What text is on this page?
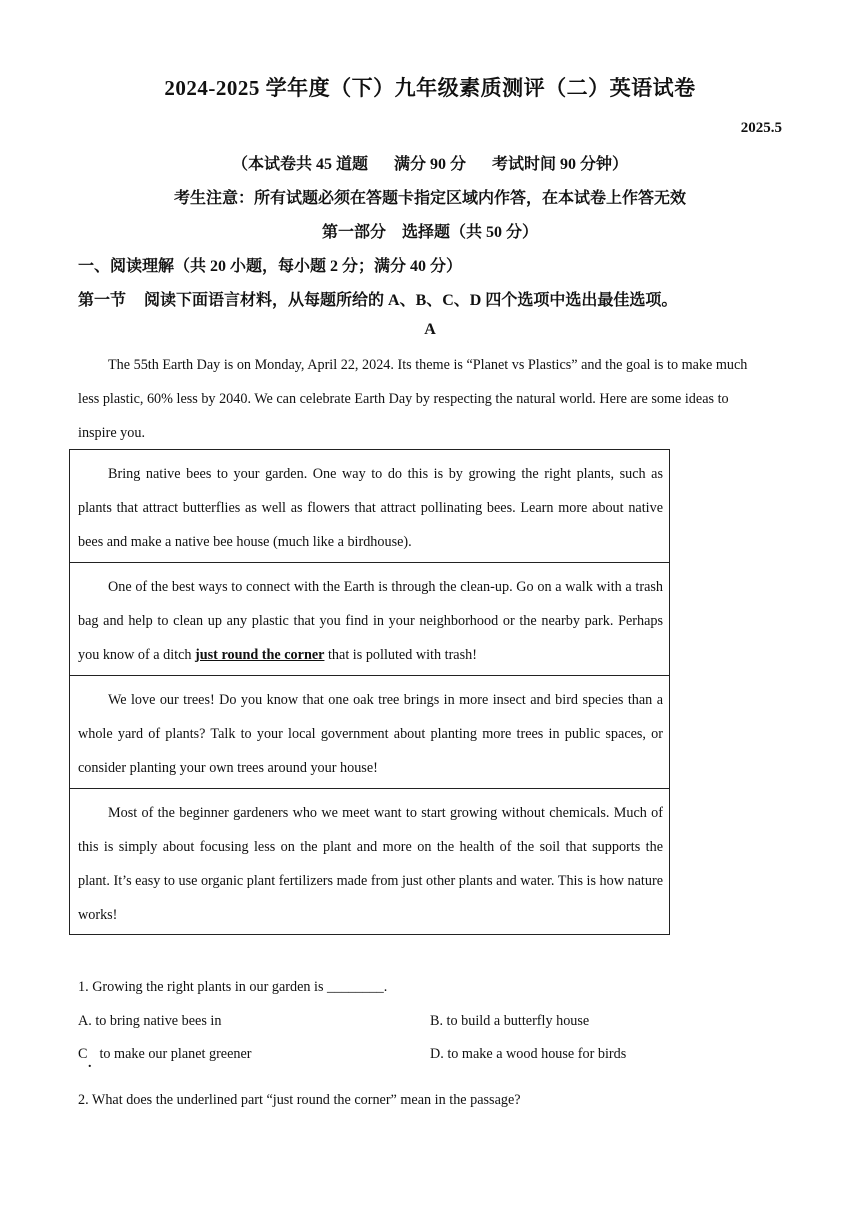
2024-2025 学年度（下）九年级素质测评（二）英语试卷
2025.5
（本试卷共 45 道题 满分 90 分 考试时间 90 分钟）
考生注意：所有试题必须在答题卡指定区域内作答，在本试卷上作答无效
第一部分　选择题（共 50 分）
一、阅读理解（共 20 小题，每小题 2 分；满分 40 分）
第一节 阅读下面语言材料，从每题所给的 A、B、C、D 四个选项中选出最佳选项。
A
The 55th Earth Day is on Monday, April 22, 2024. Its theme is “Planet vs Plastics” and the goal is to make much less plastic, 60% less by 2040. We can celebrate Earth Day by respecting the natural world. Here are some ideas to inspire you.
Bring native bees to your garden. One way to do this is by growing the right plants, such as plants that attract butterflies as well as flowers that attract pollinating bees. Learn more about native bees and make a native bee house (much like a birdhouse).
One of the best ways to connect with the Earth is through the clean-up. Go on a walk with a trash bag and help to clean up any plastic that you find in your neighborhood or the nearby park. Perhaps you know of a ditch just round the corner that is polluted with trash!
We love our trees! Do you know that one oak tree brings in more insect and bird species than a whole yard of plants? Talk to your local government about planting more trees in public spaces, or consider planting your own trees around your house!
Most of the beginner gardeners who we meet want to start growing without chemicals. Much of this is simply about focusing less on the plant and more on the health of the soil that supports the plant. It’s easy to use organic plant fertilizers made from just other plants and water. This is how nature works!
1. Growing the right plants in our garden is ________.
A. to bring native bees in	B. to build a butterfly house
C to make our planet greener
.
D. to make a wood house for birds
2. What does the underlined part “just round the corner” mean in the passage?
